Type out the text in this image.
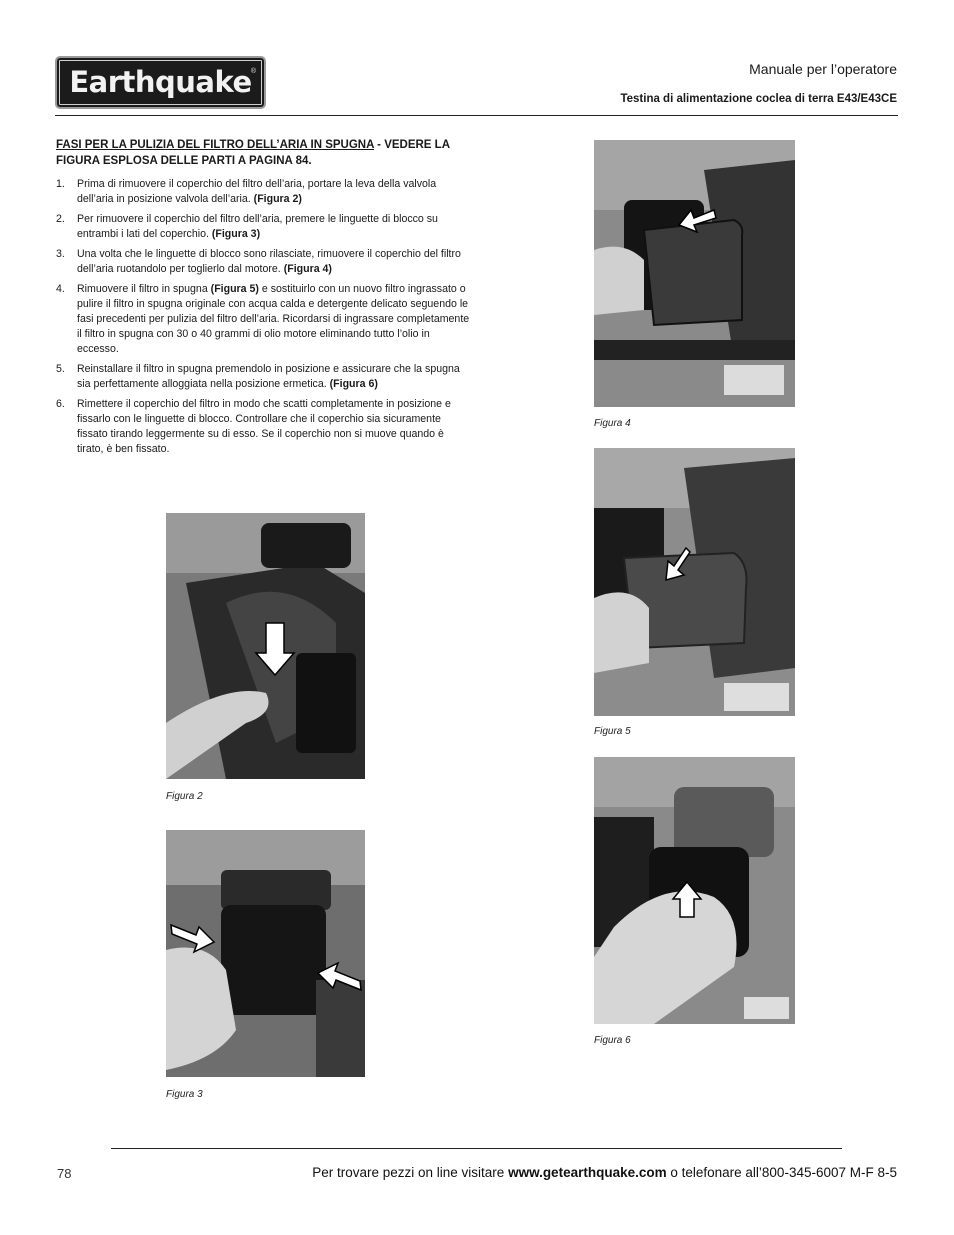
Earthquake ®	Manuale per l’operatore
Testina di alimentazione coclea di terra E43/E43CE
FASI PER LA PULIZIA DEL FILTRO DELL’ARIA IN SPUGNA - VEDERE LA FIGURA ESPLOSA DELLE PARTI A PAGINA 84.
1. Prima di rimuovere il coperchio del filtro dell’aria, portare la leva della valvola dell’aria in posizione valvola dell’aria. (Figura 2)
2. Per rimuovere il coperchio del filtro dell’aria, premere le linguette di blocco su entrambi i lati del coperchio. (Figura 3)
3. Una volta che le linguette di blocco sono rilasciate, rimuovere il coperchio del filtro dell’aria ruotandolo per toglierlo dal motore. (Figura 4)
4. Rimuovere il filtro in spugna (Figura 5) e sostituirlo con un nuovo filtro ingrassato o pulire il filtro in spugna originale con acqua calda e detergente delicato seguendo le fasi precedenti per pulizia del filtro dell’aria. Ricordarsi di ingrassare completamente il filtro in spugna con 30 o 40 grammi di olio motore eliminando tutto l’olio in eccesso.
5. Reinstallare il filtro in spugna premendolo in posizione e assicurare che la spugna sia perfettamente alloggiata nella posizione ermetica. (Figura 6)
6. Rimettere il coperchio del filtro in modo che scatti completamente in posizione e fissarlo con le linguette di blocco. Controllare che il coperchio sia sicuramente fissato tirando leggermente su di esso. Se il coperchio non si muove quando è tirato, è ben fissato.
Figura 2
Figura 3
Figura 4
Figura 5
Figura 6
78	Per trovare pezzi on line visitare www.getearthquake.com o telefonare all’800-345-6007 M-F 8-5
